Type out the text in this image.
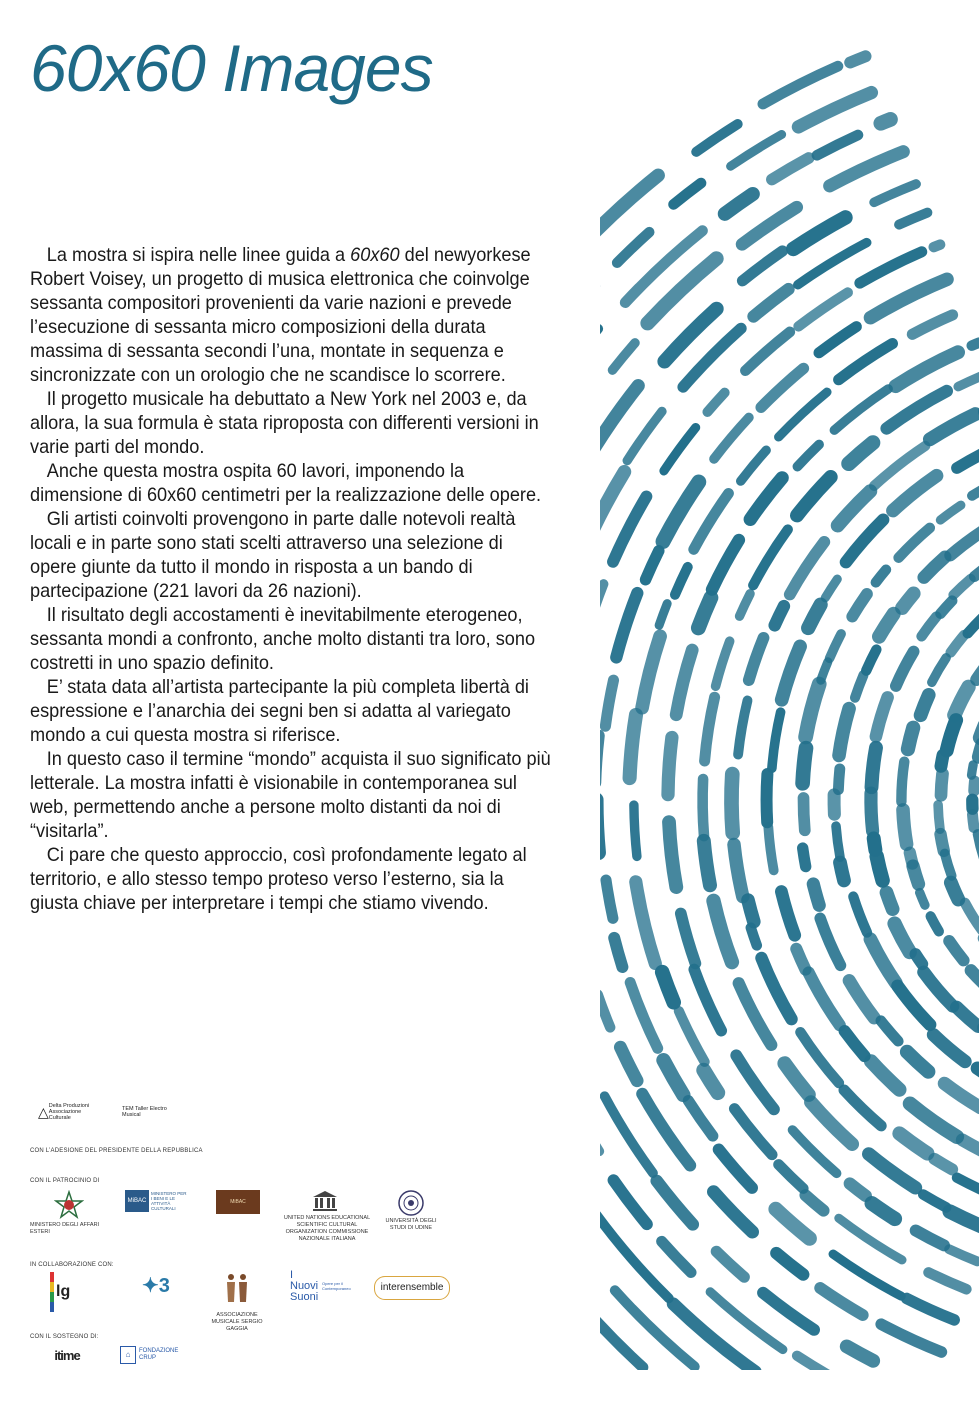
60x60 Images

La mostra si ispira nelle linee guida a 60x60 del newyorkese Robert Voisey, un progetto di musica elettronica che coinvolge sessanta compositori provenienti da varie nazioni e prevede l’esecuzione di sessanta micro composizioni della durata massima di sessanta secondi l’una, montate in sequenza e sincronizzate con un orologio che ne scandisce lo scorrere.

Il progetto musicale ha debuttato a New York nel 2003 e, da allora, la sua formula è stata riproposta con differenti versioni in varie parti del mondo.

Anche questa mostra ospita 60 lavori, imponendo la dimensione di 60x60 centimetri per la realizzazione delle opere.

Gli artisti coinvolti provengono in parte dalle notevoli realtà locali e in parte sono stati scelti attraverso una selezione di opere giunte da tutto il mondo in risposta a un bando di partecipazione (221 lavori da 26 nazioni).

Il risultato degli accostamenti è inevitabilmente eterogeneo, sessanta mondi a confronto, anche molto distanti tra loro, sono costretti in uno spazio definito.

E’ stata data all’artista partecipante la più completa libertà di espressione e l’anarchia dei segni ben si adatta al variegato mondo a cui questa mostra si riferisce.

In questo caso il termine “mondo” acquista il suo significato più letterale. La mostra infatti è visionabile in contemporanea sul web, permettendo anche a persone molto distanti da noi di “visitarla”.

Ci pare che questo approccio, così profondamente legato al territorio, e allo stesso tempo proteso verso l’esterno, sia la giusta chiave per interpretare i tempi che stiamo vivendo.

△ Delta Produzioni Associazione Culturale
TEM Taller Electro Musical
CON L’ADESIONE DEL PRESIDENTE DELLA REPUBBLICA
CON IL PATROCINIO DI
MINISTERO DEGLI AFFARI ESTERI
MiBAC
MINISTERO PER I BENI E LE ATTIVITÀ CULTURALI
MiBAC
UNITED NATIONS EDUCATIONAL SCIENTIFIC CULTURAL ORGANIZATION COMMISSIONE NAZIONALE ITALIANA
UNIVERSITÀ DEGLI STUDI DI UDINE
IN COLLABORAZIONE CON:
lg	✦3
ASSOCIAZIONE MUSICALE SERGIO GAGGIA
I Nuovi Suoni
Opere per il Contemporaneo	interensemble
CON IL SOSTEGNO DI:
itime	⌂	FONDAZIONE CRUP
